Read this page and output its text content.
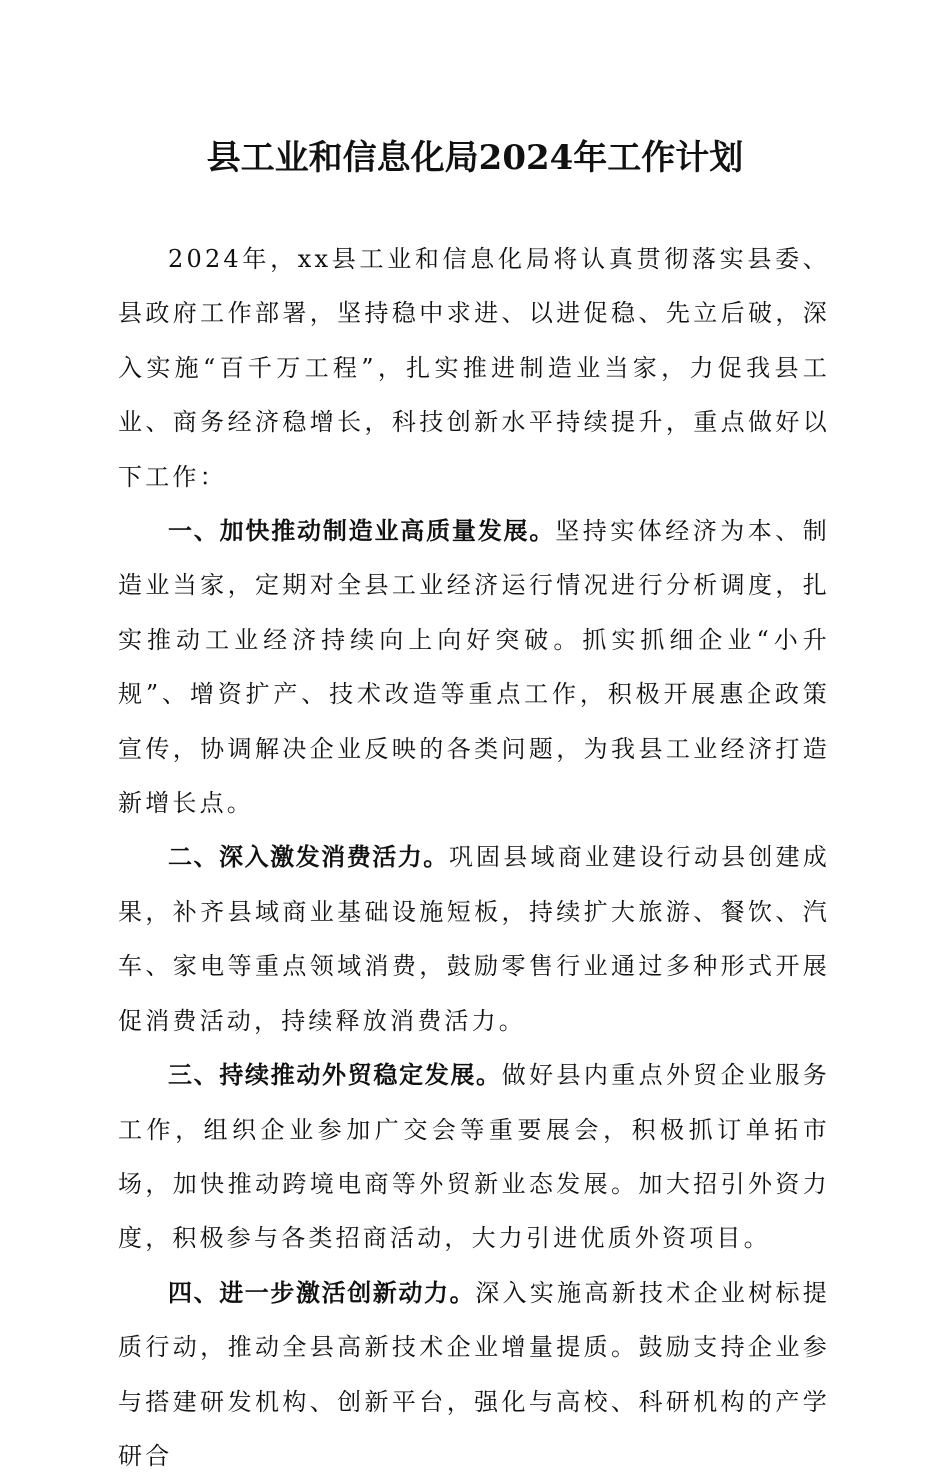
县工业和信息化局2024年工作计划

2024年，xx县工业和信息化局将认真贯彻落实县委、县政府工作部署，坚持稳中求进、以进促稳、先立后破，深入实施“百千万工程”，扎实推进制造业当家，力促我县工业、商务经济稳增长，科技创新水平持续提升，重点做好以下工作：

一、加快推动制造业高质量发展。坚持实体经济为本、制造业当家，定期对全县工业经济运行情况进行分析调度，扎实推动工业经济持续向上向好突破。抓实抓细企业“小升规”、增资扩产、技术改造等重点工作，积极开展惠企政策宣传，协调解决企业反映的各类问题，为我县工业经济打造新增长点。

二、深入激发消费活力。巩固县域商业建设行动县创建成果，补齐县域商业基础设施短板，持续扩大旅游、餐饮、汽车、家电等重点领域消费，鼓励零售行业通过多种形式开展促消费活动，持续释放消费活力。

三、持续推动外贸稳定发展。做好县内重点外贸企业服务工作，组织企业参加广交会等重要展会，积极抓订单拓市场，加快推动跨境电商等外贸新业态发展。加大招引外资力度，积极参与各类招商活动，大力引进优质外资项目。

四、进一步激活创新动力。深入实施高新技术企业树标提质行动，推动全县高新技术企业增量提质。鼓励支持企业参与搭建研发机构、创新平台，强化与高校、科研机构的产学研合
